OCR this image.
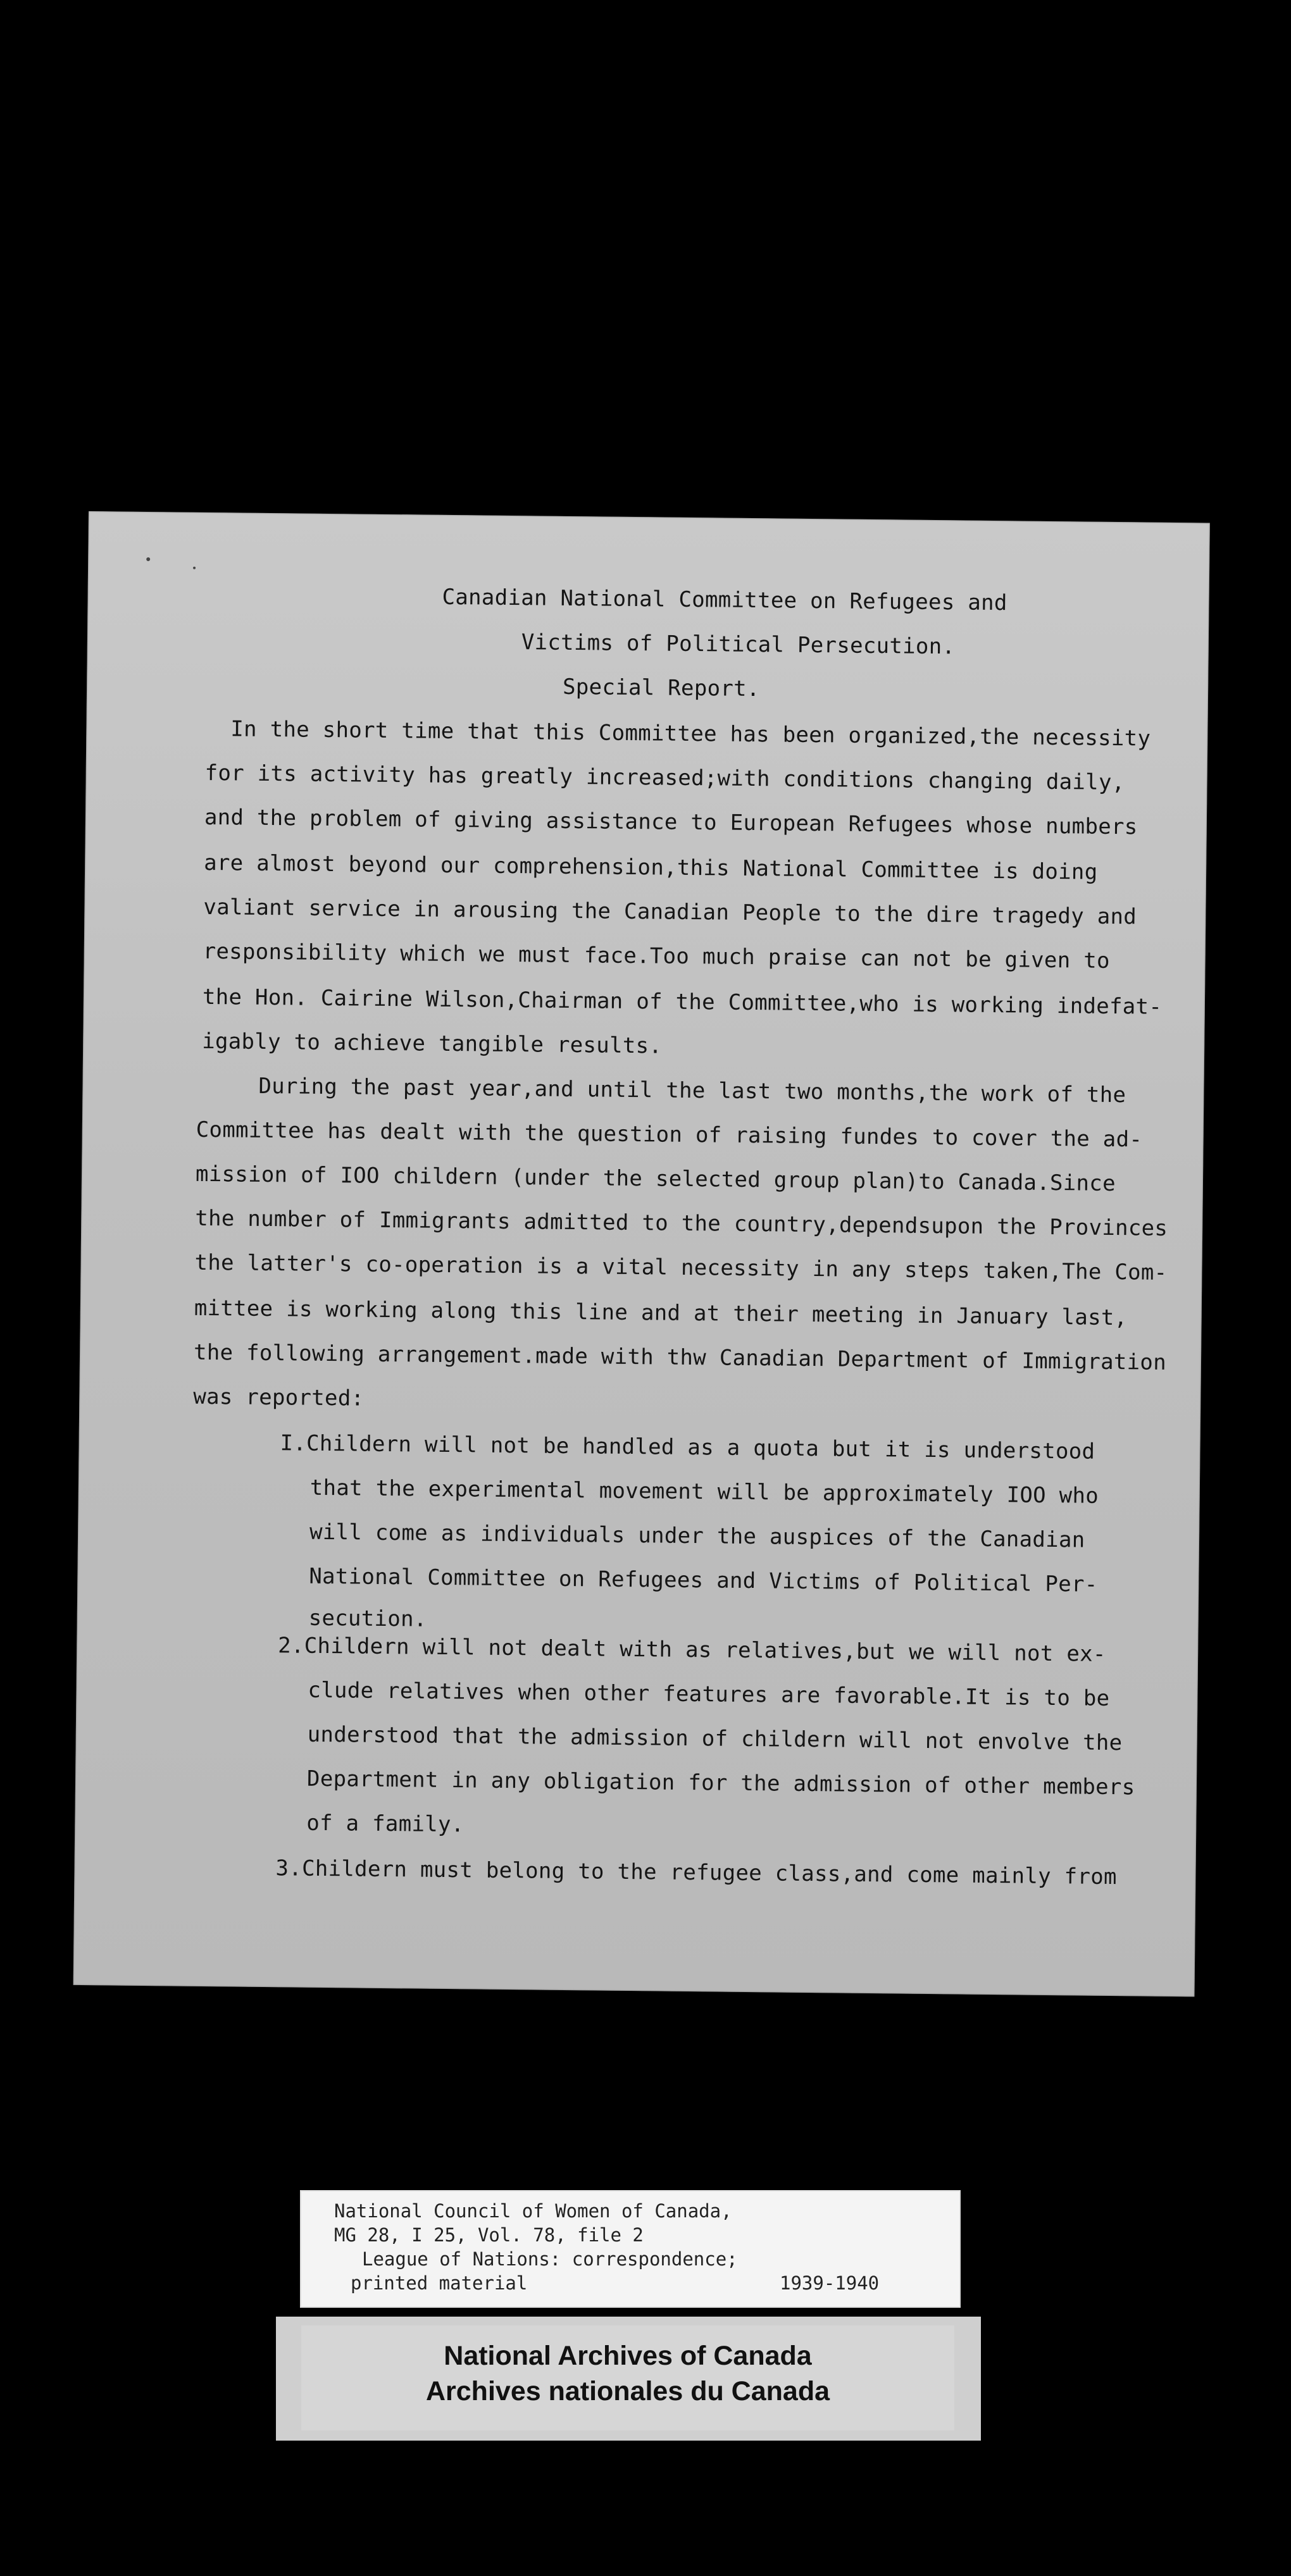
Canadian National Committee on Refugees and
Victims of Political Persecution.
Special Report.
In the short time that this Committee has been organized,the necessity
for its activity has greatly increased;with conditions changing daily,
and the problem of giving assistance to European Refugees whose numbers
are almost beyond our comprehension,this National Committee is doing
valiant service in arousing the Canadian People to the dire tragedy and
responsibility which we must face.Too much praise can not be given to
the Hon. Cairine Wilson,Chairman of the Committee,who is working indefat-
igably to achieve tangible results.
During the past year,and until the last two months,the work of the
Committee has dealt with the question of raising fundes to cover the ad-
mission of IOO childern (under the selected group plan)to Canada.Since
the number of Immigrants admitted to the country,dependsupon the Provinces
the latter's co-operation is a vital necessity in any steps taken,The Com-
mittee is working along this line and at their meeting in January last,
the following arrangement.made with thw Canadian Department of Immigration
was reported:
I.Childern will not be handled as a quota but it is understood
that the experimental movement will be approximately IOO who
will come as individuals under the auspices of the Canadian
National Committee on Refugees and Victims of Political Per-
secution.
2.Childern will not dealt with as relatives,but we will not ex-
clude relatives when other features are favorable.It is to be
understood that the admission of childern will not envolve the
Department in any obligation for the admission of other members
of a family.
3.Childern must belong to the refugee class,and come mainly from
National Council of Women of Canada,
MG 28, I 25, Vol. 78, file 2
League of Nations: correspondence;
printed material	1939-1940
National Archives of Canada
Archives nationales du Canada
